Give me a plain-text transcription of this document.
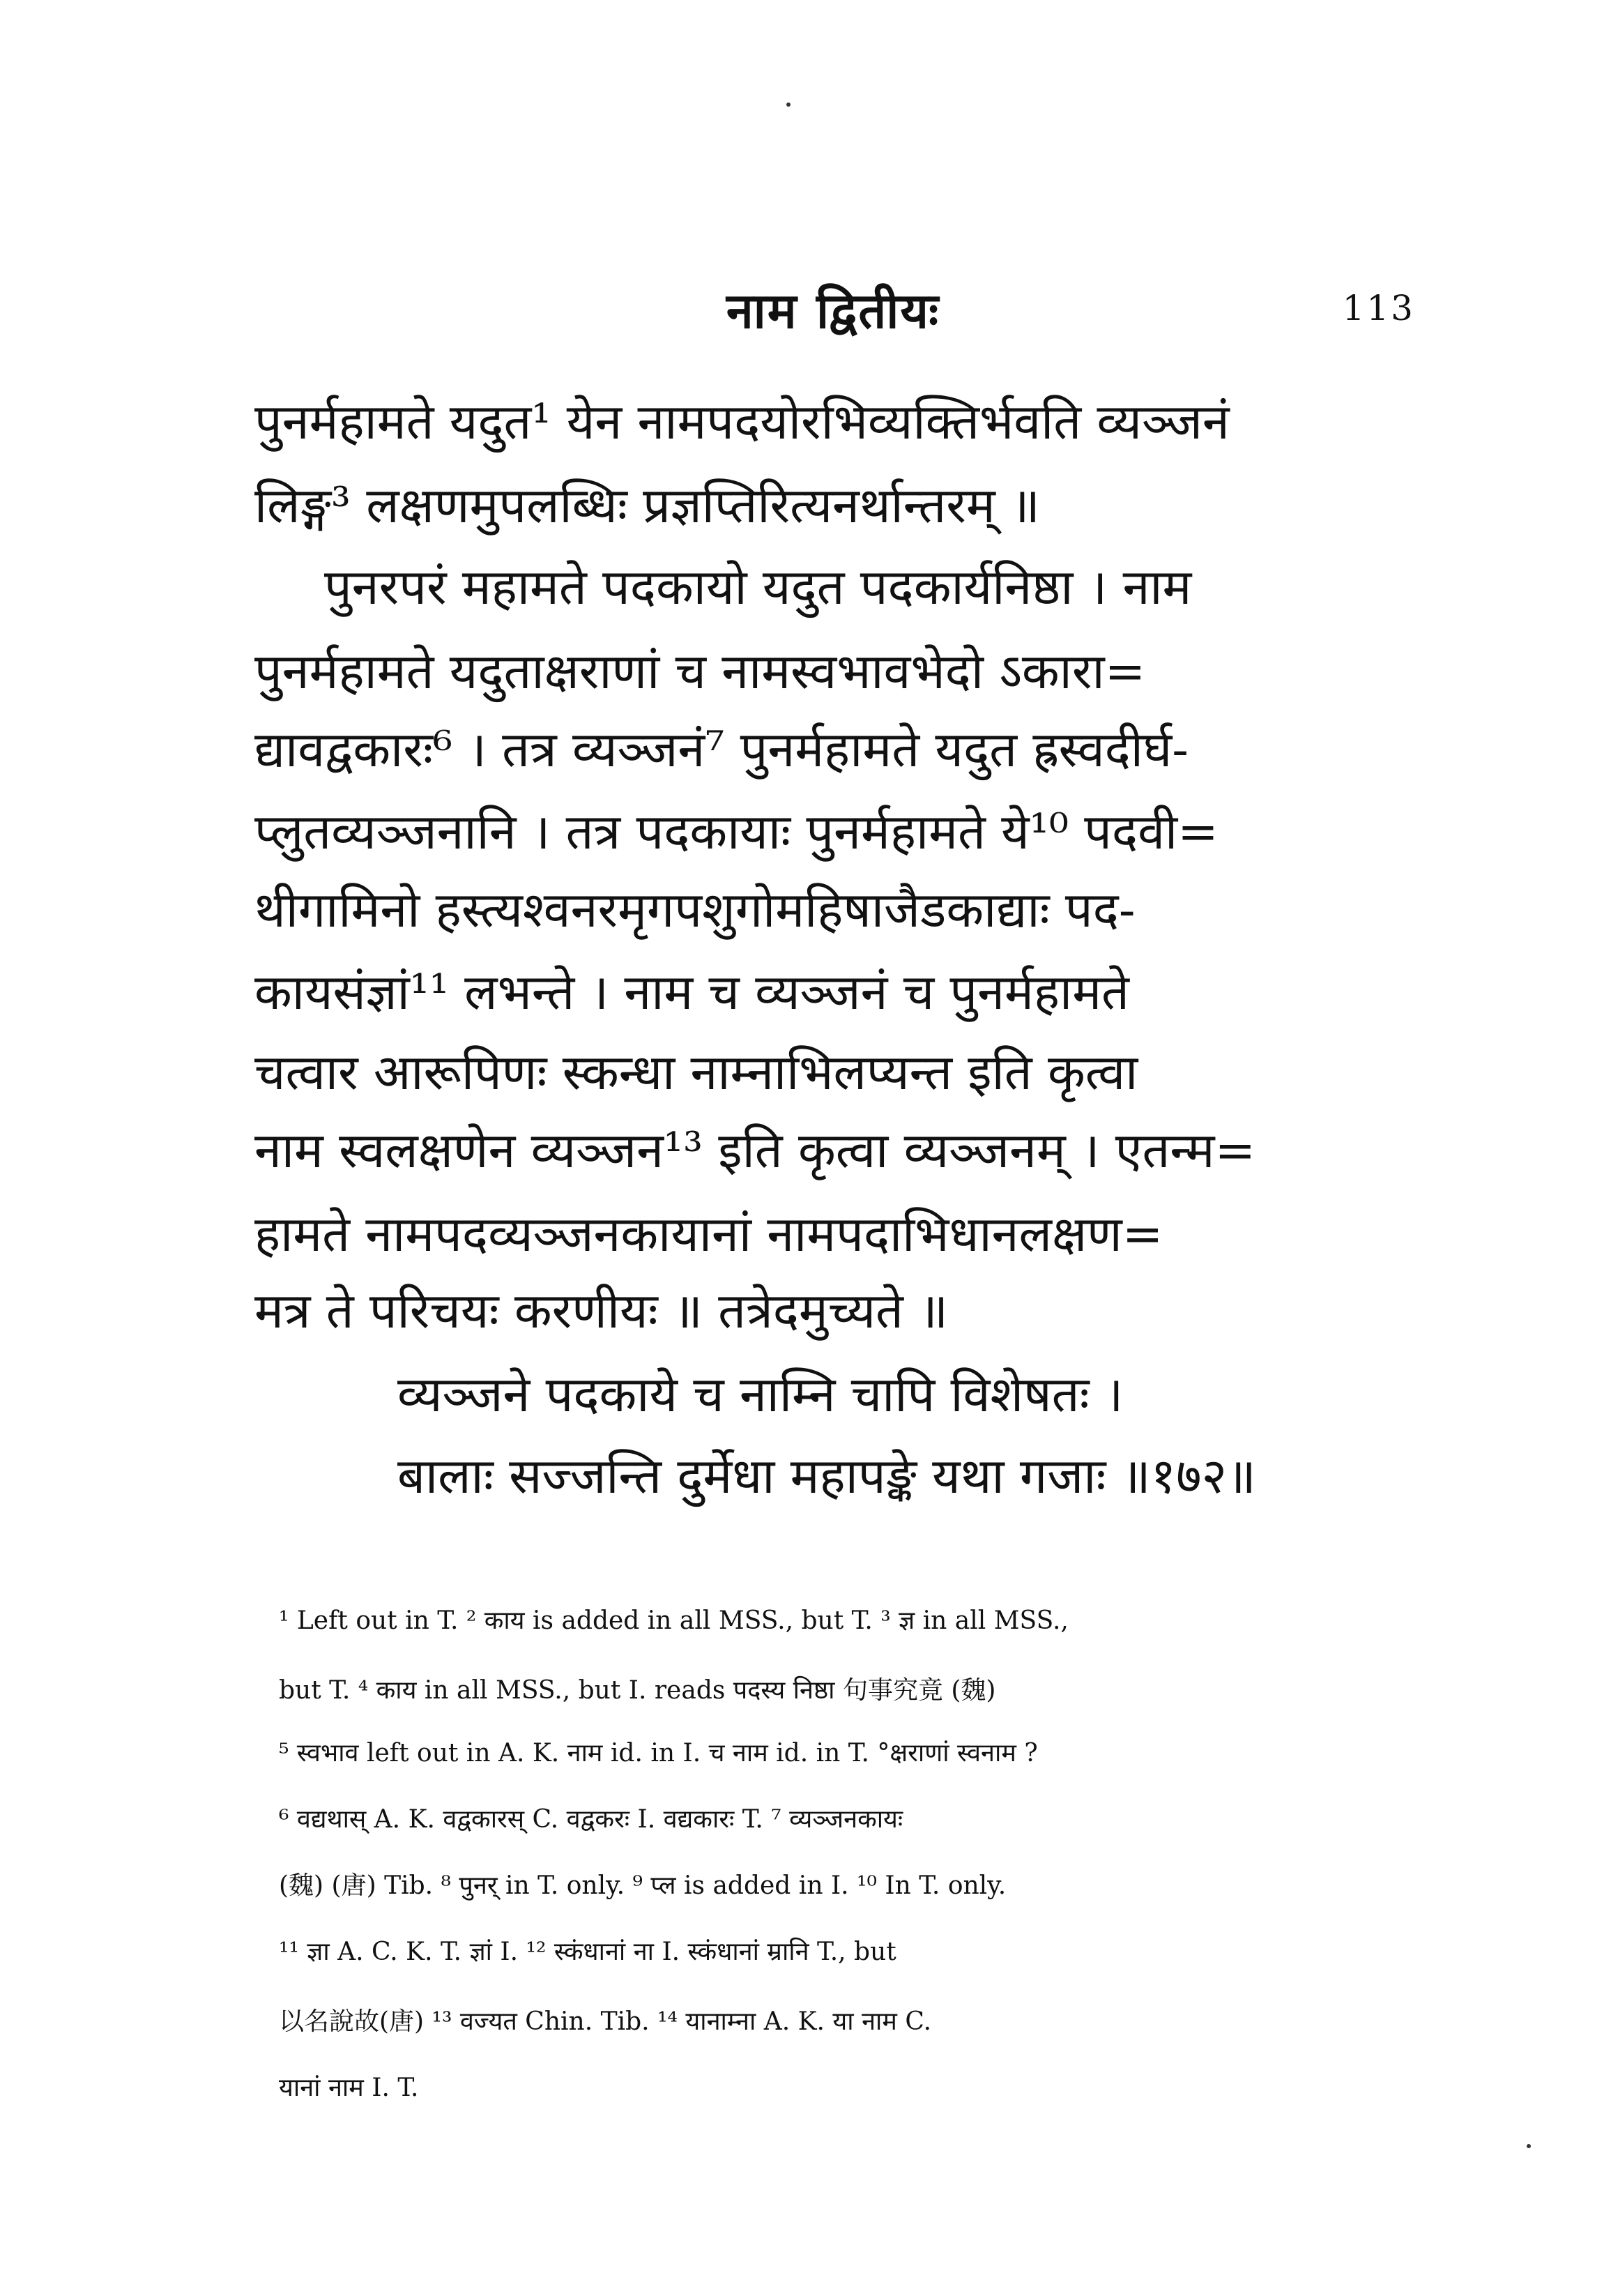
नाम द्वितीयः	113
पुनर्महामते यदुत¹ येन नामपदयोरभिव्यक्तिर्भवति व्यञ्जनं
लिङ्ग³ लक्षणमुपलब्धिः प्रज्ञप्तिरित्यनर्थान्तरम् ॥
पुनरपरं महामते पदकायो यदुत पदकार्यनिष्ठा । नाम
पुनर्महामते यदुताक्षराणां च नामस्वभावभेदो ऽकारा=
द्यावद्वकारः⁶ । तत्र व्यञ्जनं⁷ पुनर्महामते यदुत ह्रस्वदीर्घ-
प्लुतव्यञ्जनानि । तत्र पदकायाः पुनर्महामते ये¹⁰ पदवी=
थीगामिनो हस्त्यश्वनरमृगपशुगोमहिषाजैडकाद्याः पद-
कायसंज्ञां¹¹ लभन्ते । नाम च व्यञ्जनं च पुनर्महामते
चत्वार आरूपिणः स्कन्धा नाम्नाभिलप्यन्त इति कृत्वा
नाम स्वलक्षणेन व्यञ्जन¹³ इति कृत्वा व्यञ्जनम् । एतन्म=
हामते नामपदव्यञ्जनकायानां नामपदाभिधानलक्षण=
मत्र ते परिचयः करणीयः ॥ तत्रेदमुच्यते ॥
व्यञ्जने पदकाये च नाम्नि चापि विशेषतः ।
बालाः सज्जन्ति दुर्मेधा महापङ्के यथा गजाः ॥१७२॥
¹ Left out in T. ² काय is added in all MSS., but T. ³ ज्ञ in all MSS.,
but T. ⁴ काय in all MSS., but I. reads पदस्य निष्ठा 句事究竟 (魏)
⁵ स्वभाव left out in A. K. नाम id. in I. च नाम id. in T. °क्षराणां स्वनाम ?
⁶ वद्यथास् A. K. वद्वकारस् C. वद्वकरः I. वद्यकारः T. ⁷ व्यञ्जनकायः
(魏) (唐) Tib. ⁸ पुनर् in T. only. ⁹ प्ल is added in I. ¹⁰ In T. only.
¹¹ ज्ञा A. C. K. T. ज्ञां I. ¹² स्कंधानां ना I. स्कंधानां म्रानि T., but
以名說故(唐) ¹³ वज्यत Chin. Tib. ¹⁴ यानाम्ना A. K. या नाम C.
यानां नाम I. T.
